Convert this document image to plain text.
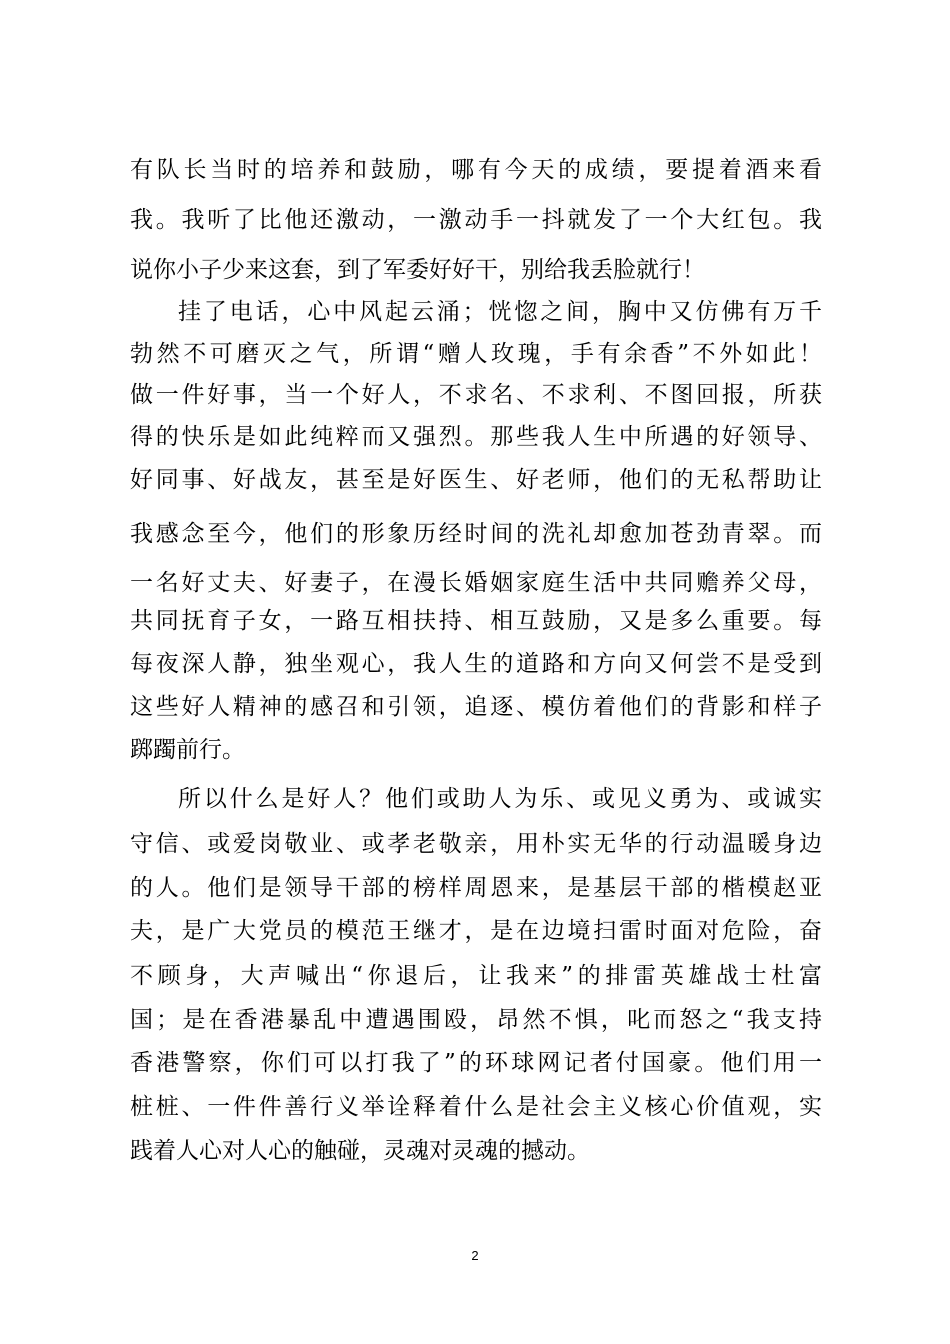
有队长当时的培养和鼓励，哪有今天的成绩，要提着酒来看
我。我听了比他还激动，一激动手一抖就发了一个大红包。我
说你小子少来这套，到了军委好好干，别给我丢脸就行！
挂了电话，心中风起云涌；恍惚之间，胸中又仿佛有万千
勃然不可磨灭之气，所谓“赠人玫瑰，手有余香”不外如此！
做一件好事，当一个好人，不求名、不求利、不图回报，所获
得的快乐是如此纯粹而又强烈。那些我人生中所遇的好领导、
好同事、好战友，甚至是好医生、好老师，他们的无私帮助让
我感念至今，他们的形象历经时间的洗礼却愈加苍劲青翠。而
一名好丈夫、好妻子，在漫长婚姻家庭生活中共同赡养父母，
共同抚育子女，一路互相扶持、相互鼓励，又是多么重要。每
每夜深人静，独坐观心，我人生的道路和方向又何尝不是受到
这些好人精神的感召和引领，追逐、模仿着他们的背影和样子
踯躅前行。
所以什么是好人？他们或助人为乐、或见义勇为、或诚实
守信、或爱岗敬业、或孝老敬亲，用朴实无华的行动温暖身边
的人。他们是领导干部的榜样周恩来，是基层干部的楷模赵亚
夫，是广大党员的模范王继才，是在边境扫雷时面对危险，奋
不顾身，大声喊出“你退后，让我来”的排雷英雄战士杜富
国；是在香港暴乱中遭遇围殴，昂然不惧，叱而怒之“我支持
香港警察，你们可以打我了”的环球网记者付国豪。他们用一
桩桩、一件件善行义举诠释着什么是社会主义核心价值观，实
践着人心对人心的触碰，灵魂对灵魂的撼动。
2
